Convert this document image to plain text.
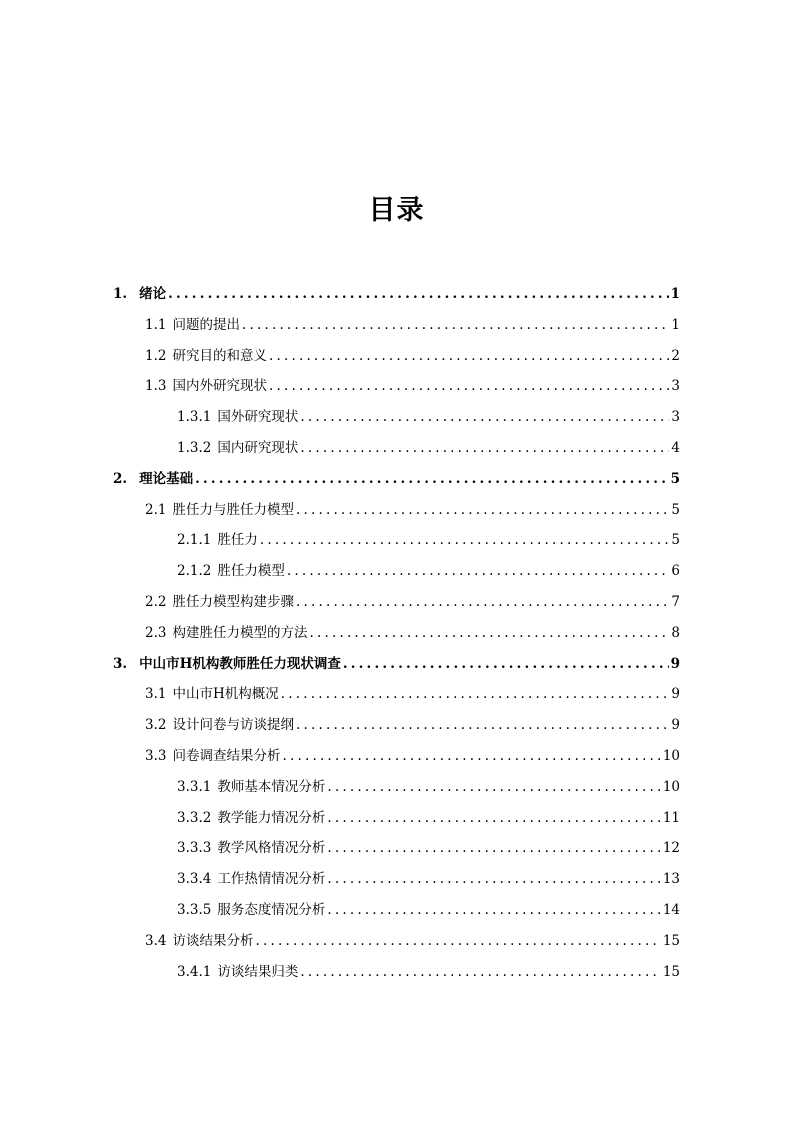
目录
1. 绪论 .....	1
1.1 问题的提出 .....	1
1.2 研究目的和意义 .....	2
1.3 国内外研究现状 .....	3
1.3.1 国外研究现状 .....	3
1.3.2 国内研究现状 .....	4
2. 理论基础 .....	5
2.1 胜任力与胜任力模型 .....	5
2.1.1 胜任力 .....	5
2.1.2 胜任力模型 .....	6
2.2 胜任力模型构建步骤 .....	7
2.3 构建胜任力模型的方法 .....	8
3. 中山市H机构教师胜任力现状调查 .....	9
3.1 中山市H机构概况 .....	9
3.2 设计问卷与访谈提纲 .....	9
3.3 问卷调查结果分析 .....	10
3.3.1 教师基本情况分析 .....	10
3.3.2 教学能力情况分析 .....	11
3.3.3 教学风格情况分析 .....	12
3.3.4 工作热情情况分析 .....	13
3.3.5 服务态度情况分析 .....	14
3.4 访谈结果分析 .....	15
3.4.1 访谈结果归类 .....	15
